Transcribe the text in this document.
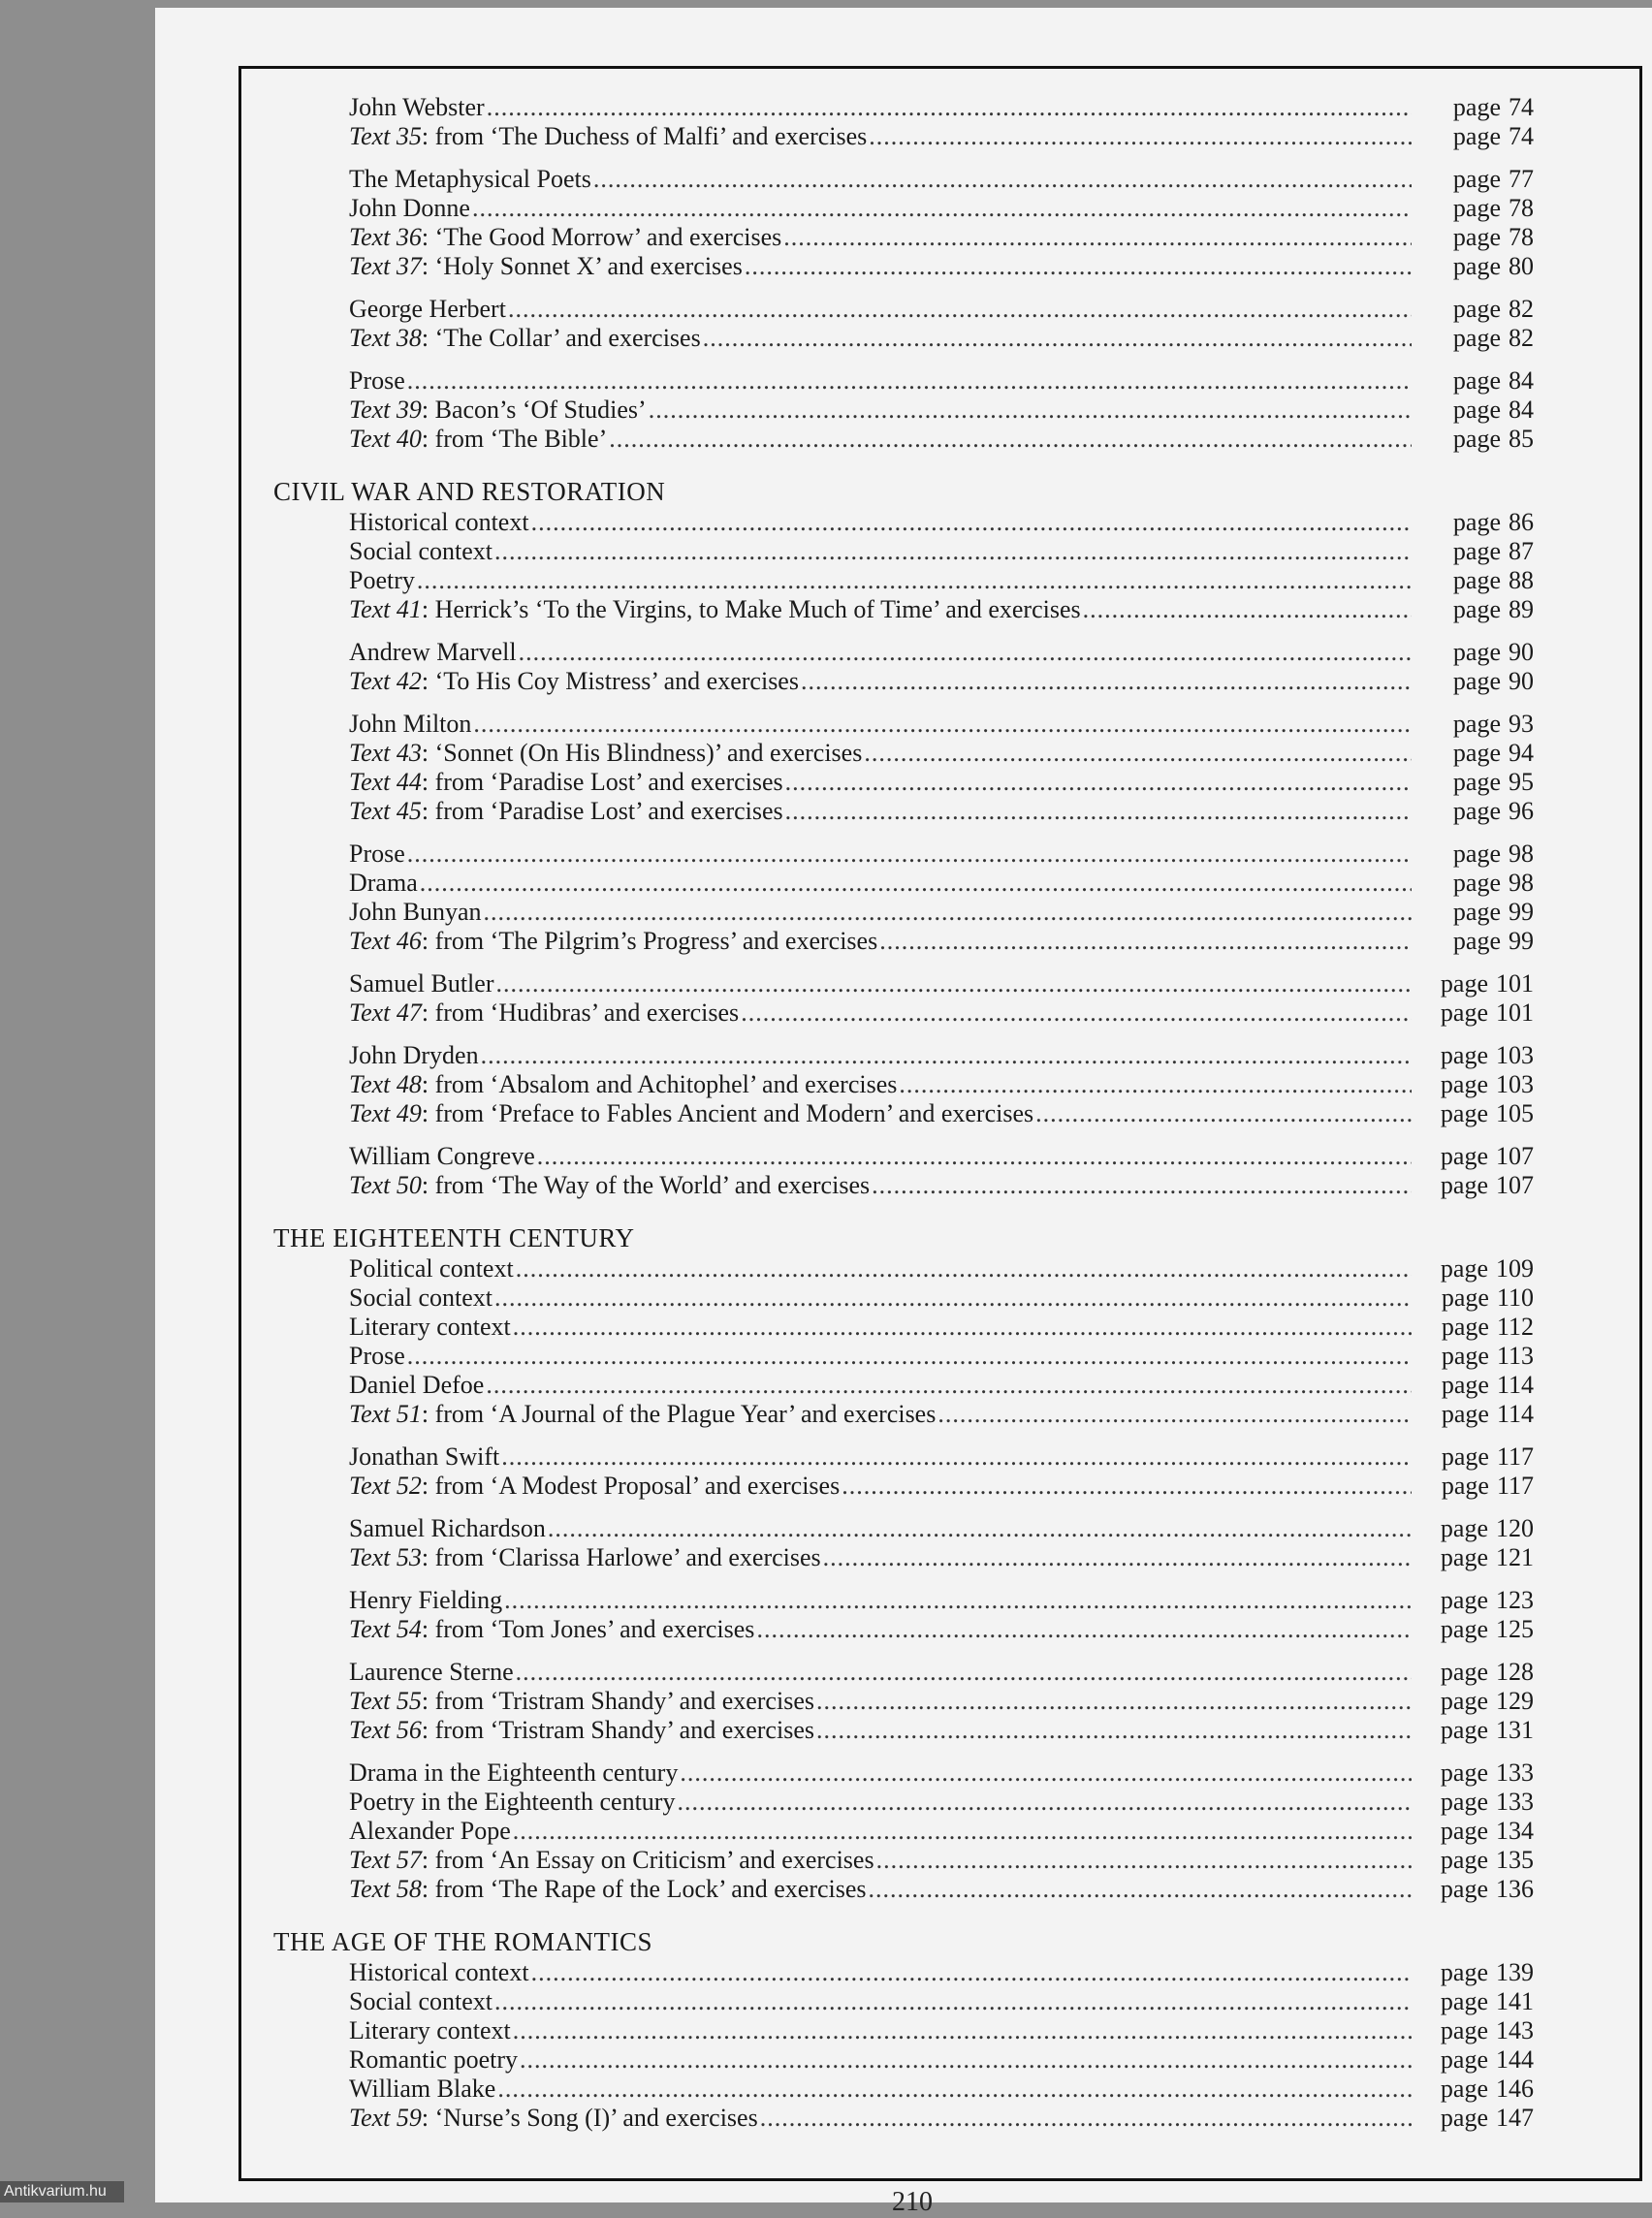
John Webster .....	page 74
Text 35: from ‘The Duchess of Malfi’ and exercises .....	page 74
The Metaphysical Poets .....	page 77
John Donne .....	page 78
Text 36: ‘The Good Morrow’ and exercises .....	page 78
Text 37: ‘Holy Sonnet X’ and exercises .....	page 80
George Herbert .....	page 82
Text 38: ‘The Collar’ and exercises .....	page 82
Prose .....	page 84
Text 39: Bacon’s ‘Of Studies’ .....	page 84
Text 40: from ‘The Bible’ .....	page 85
CIVIL WAR AND RESTORATION
Historical context .....	page 86
Social context .....	page 87
Poetry .....	page 88
Text 41: Herrick’s ‘To the Virgins, to Make Much of Time’ and exercises .....	page 89
Andrew Marvell .....	page 90
Text 42: ‘To His Coy Mistress’ and exercises .....	page 90
John Milton .....	page 93
Text 43: ‘Sonnet (On His Blindness)’ and exercises .....	page 94
Text 44: from ‘Paradise Lost’ and exercises .....	page 95
Text 45: from ‘Paradise Lost’ and exercises .....	page 96
Prose .....	page 98
Drama .....	page 98
John Bunyan .....	page 99
Text 46: from ‘The Pilgrim’s Progress’ and exercises .....	page 99
Samuel Butler .....	page 101
Text 47: from ‘Hudibras’ and exercises .....	page 101
John Dryden .....	page 103
Text 48: from ‘Absalom and Achitophel’ and exercises .....	page 103
Text 49: from ‘Preface to Fables Ancient and Modern’ and exercises .....	page 105
William Congreve .....	page 107
Text 50: from ‘The Way of the World’ and exercises .....	page 107
THE EIGHTEENTH CENTURY
Political context .....	page 109
Social context .....	page 110
Literary context .....	page 112
Prose .....	page 113
Daniel Defoe .....	page 114
Text 51: from ‘A Journal of the Plague Year’ and exercises .....	page 114
Jonathan Swift .....	page 117
Text 52: from ‘A Modest Proposal’ and exercises .....	page 117
Samuel Richardson .....	page 120
Text 53: from ‘Clarissa Harlowe’ and exercises .....	page 121
Henry Fielding .....	page 123
Text 54: from ‘Tom Jones’ and exercises .....	page 125
Laurence Sterne .....	page 128
Text 55: from ‘Tristram Shandy’ and exercises .....	page 129
Text 56: from ‘Tristram Shandy’ and exercises .....	page 131
Drama in the Eighteenth century .....	page 133
Poetry in the Eighteenth century .....	page 133
Alexander Pope .....	page 134
Text 57: from ‘An Essay on Criticism’ and exercises .....	page 135
Text 58: from ‘The Rape of the Lock’ and exercises .....	page 136
THE AGE OF THE ROMANTICS
Historical context .....	page 139
Social context .....	page 141
Literary context .....	page 143
Romantic poetry .....	page 144
William Blake .....	page 146
Text 59: ‘Nurse’s Song (I)’ and exercises .....	page 147
210
Antikvarium.hu
